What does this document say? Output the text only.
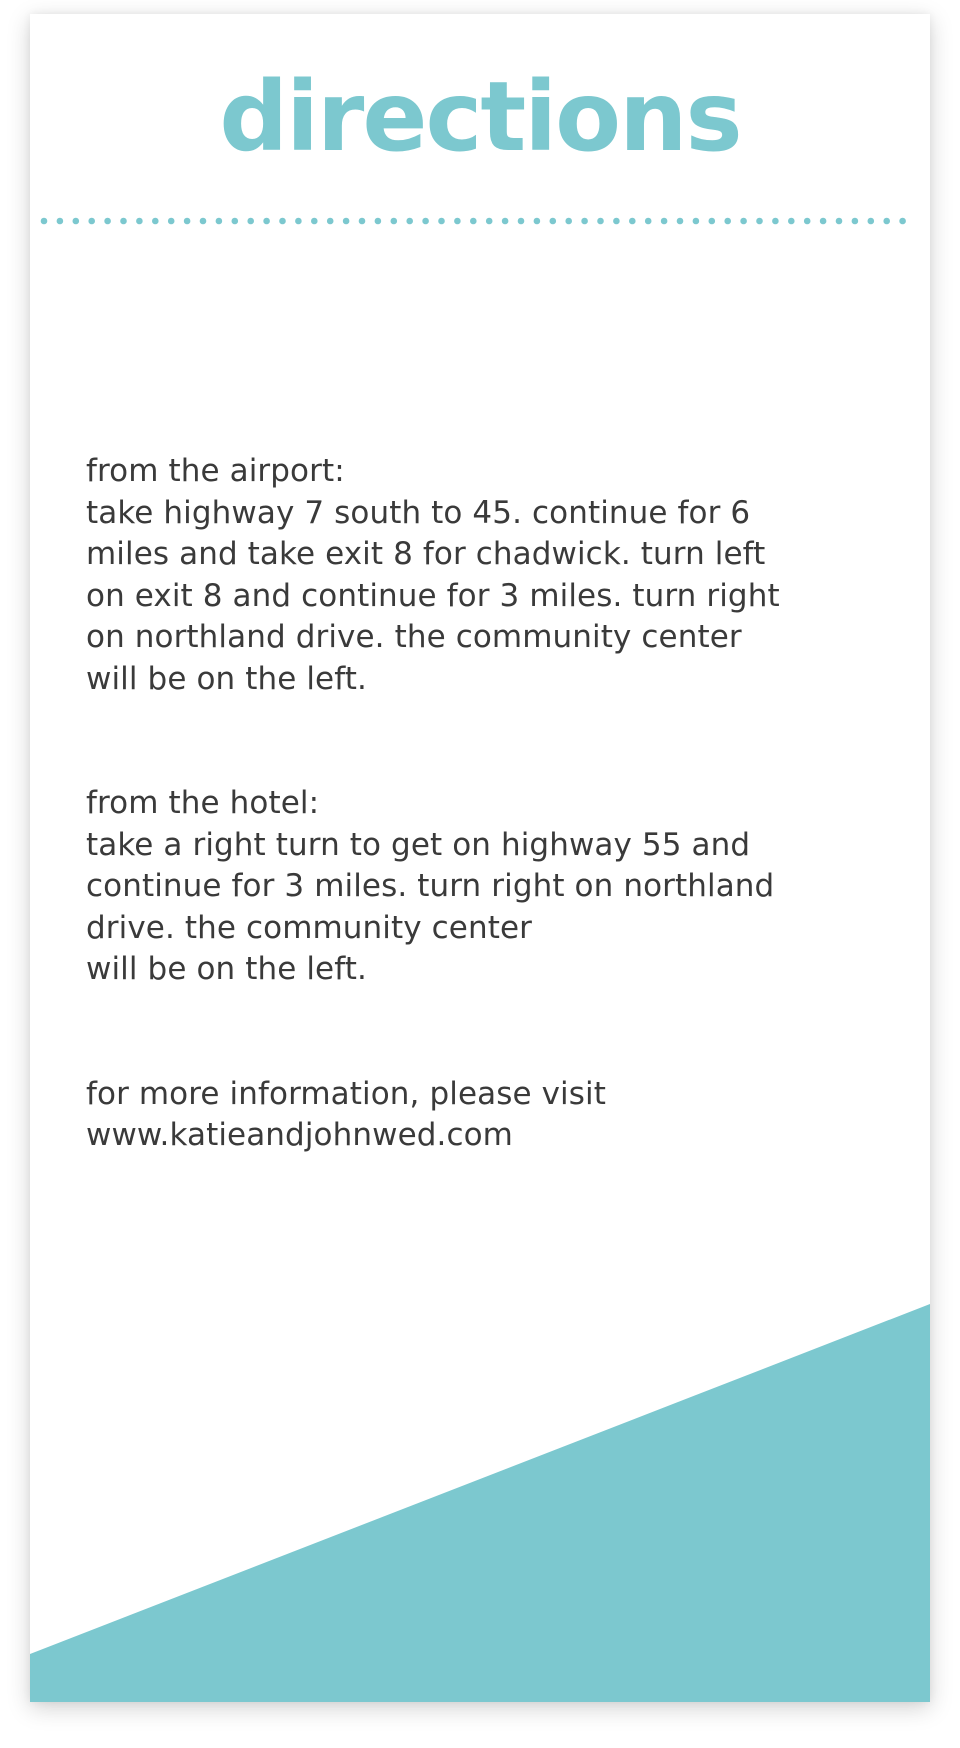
directions
from the airport:
take highway 7 south to 45. continue for 6
miles and take exit 8 for chadwick. turn left
on exit 8 and continue for 3 miles. turn right
on northland drive. the community center
will be on the left.
from the hotel:
take a right turn to get on highway 55 and
continue for 3 miles. turn right on northland
drive. the community center
will be on the left.
for more information, please visit
www.katieandjohnwed.com
